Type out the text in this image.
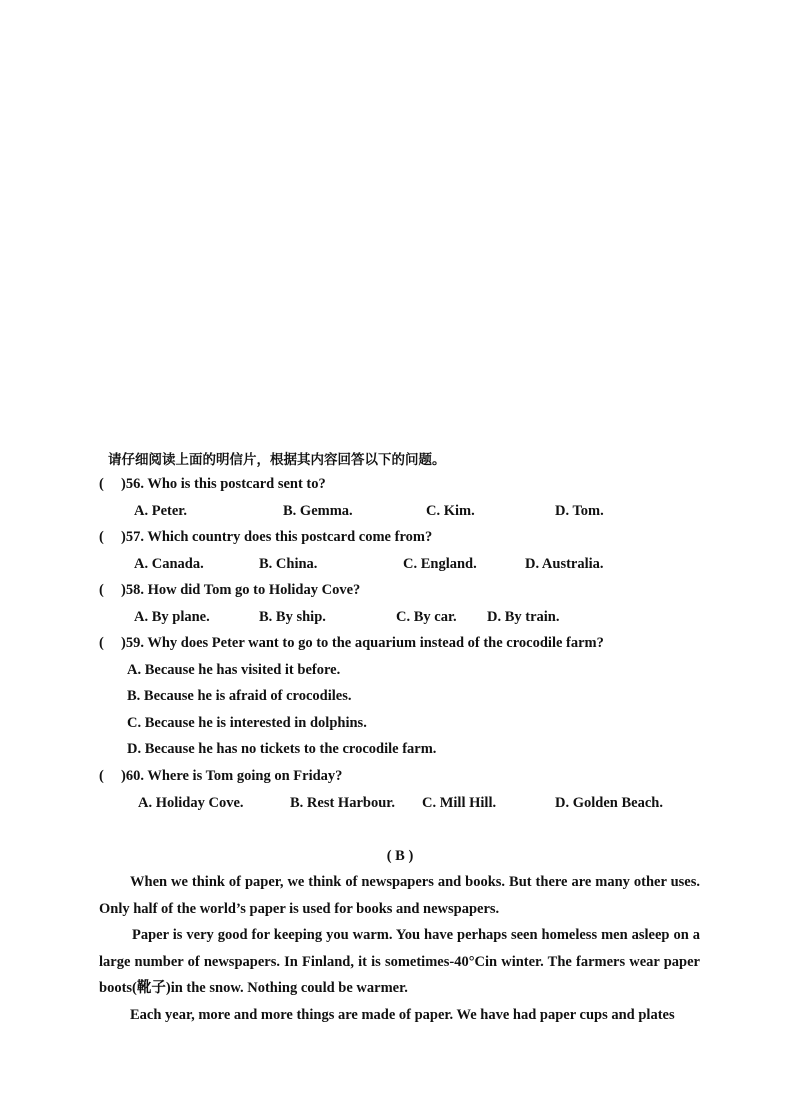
请仔细阅读上面的明信片，根据其内容回答以下的问题。
( )56. Who is this postcard sent to?
A. Peter.	B. Gemma.	C. Kim.	D. Tom.
( )57. Which country does this postcard come from?
A. Canada.	B. China.	C. England.	D. Australia.
( )58. How did Tom go to Holiday Cove?
A. By plane.	B. By ship.	C. By car. D. By train.
( )59. Why does Peter want to go to the aquarium instead of the crocodile farm?
A. Because he has visited it before.
B. Because he is afraid of crocodiles.
C. Because he is interested in dolphins.
D. Because he has no tickets to the crocodile farm.
( )60. Where is Tom going on Friday?
A. Holiday Cove.	B. Rest Harbour. C. Mill Hill.	D. Golden Beach.
( B )
When we think of paper, we think of newspapers and books. But there are many other uses. Only half of the world’s paper is used for books and newspapers.
Paper is very good for keeping you warm. You have perhaps seen homeless men asleep on a large number of newspapers. In Finland, it is sometimes-40°Cin winter. The farmers wear paper boots(靴子)in the snow. Nothing could be warmer.
Each year, more and more things are made of paper. We have had paper cups and plates
